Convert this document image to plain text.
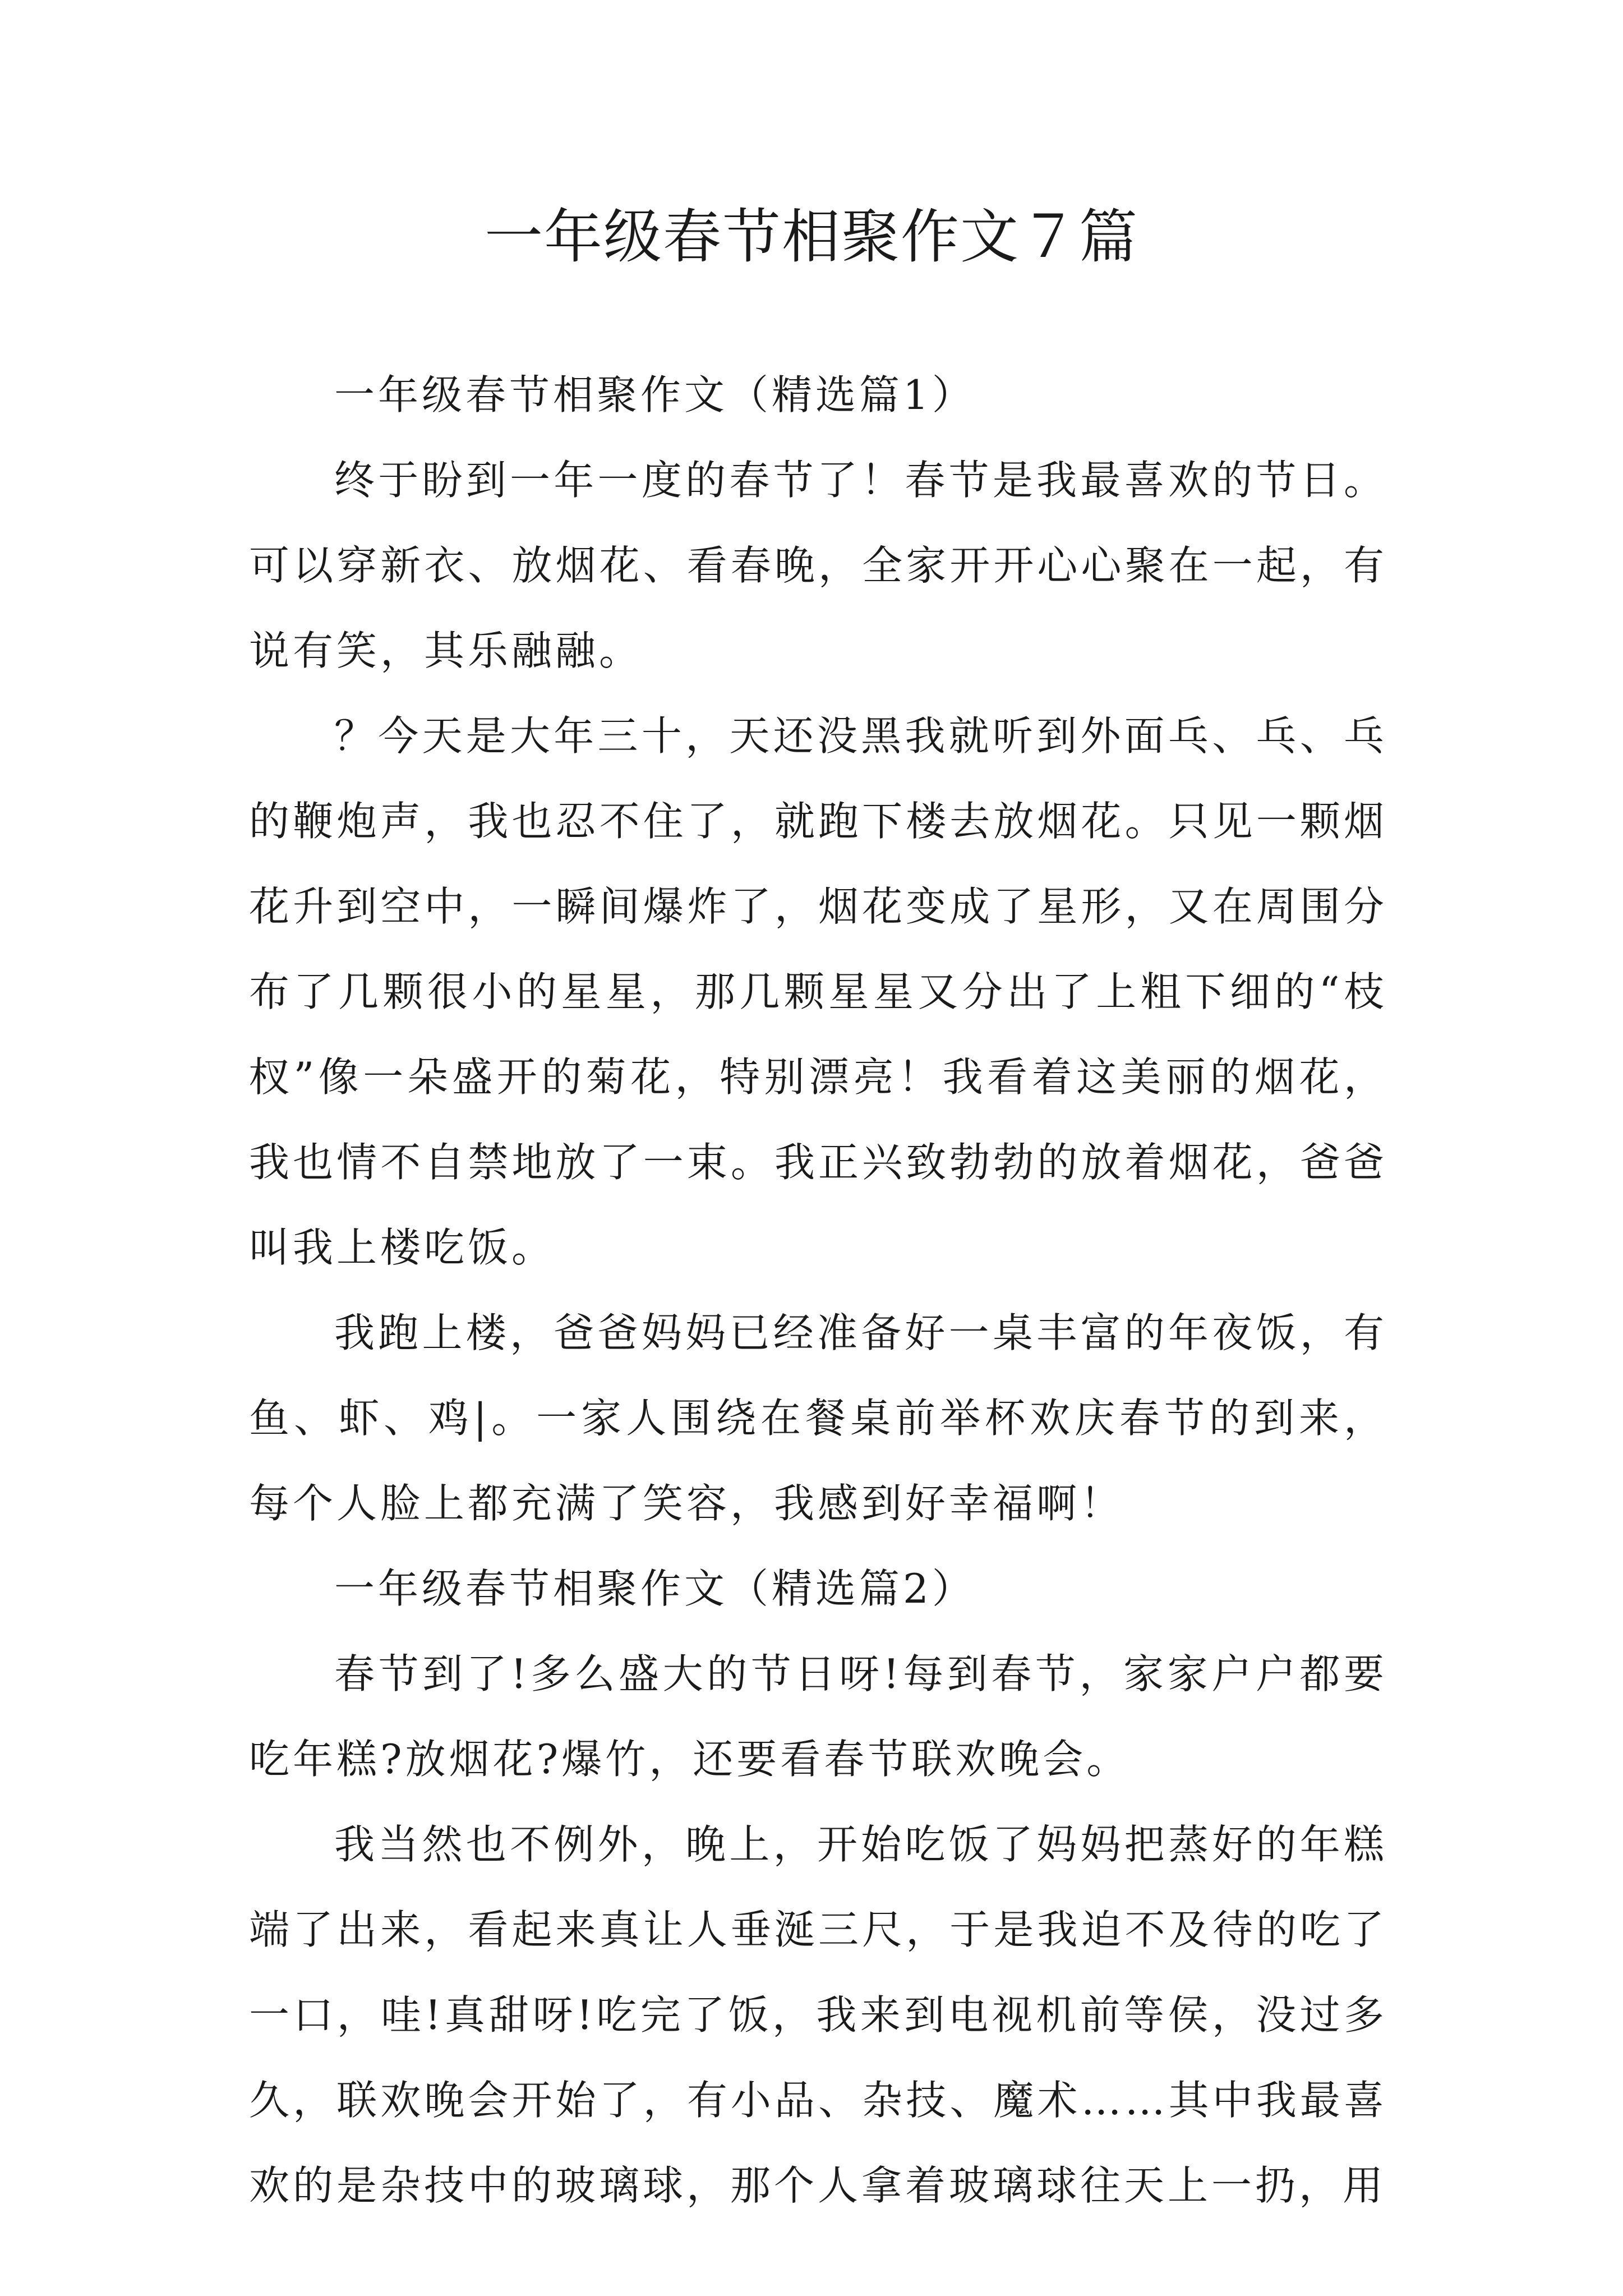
一年级春节相聚作文７篇

一年级春节相聚作文（精选篇1）

终于盼到一年一度的春节了！春节是我最喜欢的节日。可以穿新衣、放烟花、看春晚，全家开开心心聚在一起，有说有笑，其乐融融。

？今天是大年三十，天还没黑我就听到外面乓、乓、乓的鞭炮声，我也忍不住了，就跑下楼去放烟花。只见一颗烟花升到空中，一瞬间爆炸了，烟花变成了星形，又在周围分布了几颗很小的星星，那几颗星星又分出了上粗下细的“枝杈”像一朵盛开的菊花，特别漂亮！我看着这美丽的烟花，我也情不自禁地放了一束。我正兴致勃勃的放着烟花，爸爸叫我上楼吃饭。

我跑上楼，爸爸妈妈已经准备好一桌丰富的年夜饭，有鱼、虾、鸡|。一家人围绕在餐桌前举杯欢庆春节的到来，每个人脸上都充满了笑容，我感到好幸福啊！

一年级春节相聚作文（精选篇2）

春节到了!多么盛大的节日呀!每到春节，家家户户都要吃年糕?放烟花?爆竹，还要看春节联欢晚会。

我当然也不例外，晚上，开始吃饭了妈妈把蒸好的年糕端了出来，看起来真让人垂涎三尺，于是我迫不及待的吃了一口，哇!真甜呀!吃完了饭，我来到电视机前等侯，没过多久，联欢晚会开始了，有小品、杂技、魔术……其中我最喜欢的是杂技中的玻璃球，那个人拿着玻璃球往天上一扔，用
